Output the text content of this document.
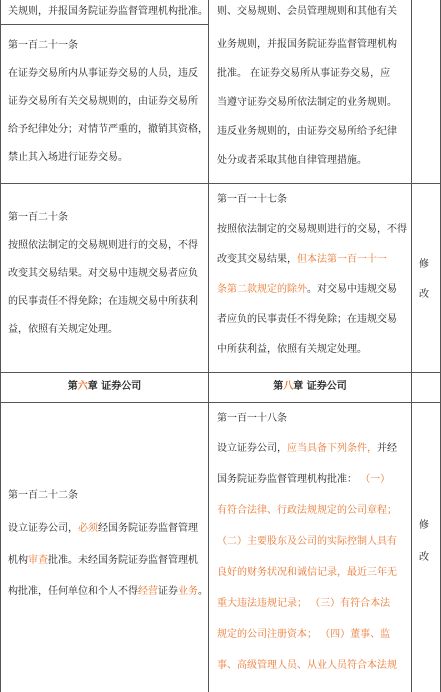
关规则，并报国务院证券监督管理机构批准。
第一百二十一条
在证券交易所内从事证券交易的人员，违反
证券交易所有关交易规则的，由证券交易所
给予纪律处分；对情节严重的，撤销其资格，
禁止其入场进行证券交易。
则、交易规则、会员管理规则和其他有关
业务规则，并报国务院证券监督管理机构
批准。 在证券交易所从事证券交易，应
当遵守证券交易所依法制定的业务规则。
违反业务规则的，由证券交易所给予纪律
处分或者采取其他自律管理措施。
第一百二十条
按照依法制定的交易规则进行的交易，不得
改变其交易结果。对交易中违规交易者应负
的民事责任不得免除；在违规交易中所获利
益，依照有关规定处理。
第一百一十七条
按照依法制定的交易规则进行的交易，不得
改变其交易结果，但本法第一百一十一
条第二款规定的除外。对交易中违规交易
者应负的民事责任不得免除；在违规交易
中所获利益，依照有关规定处理。
修
改
第六章 证券公司	第八章 证券公司
第一百二十二条
设立证券公司，必须经国务院证券监督管理
机构审查批准。未经国务院证券监督管理机
构批准，任何单位和个人不得经营证券业务。
第一百一十八条
设立证券公司，应当具备下列条件，并经
国务院证券监督管理机构批准： （一）
有符合法律、行政法规规定的公司章程；
（二）主要股东及公司的实际控制人具有
良好的财务状况和诚信记录，最近三年无
重大违法违规记录； （三）有符合本法
规定的公司注册资本； （四）董事、监
事、高级管理人员、从业人员符合本法规
修
改
